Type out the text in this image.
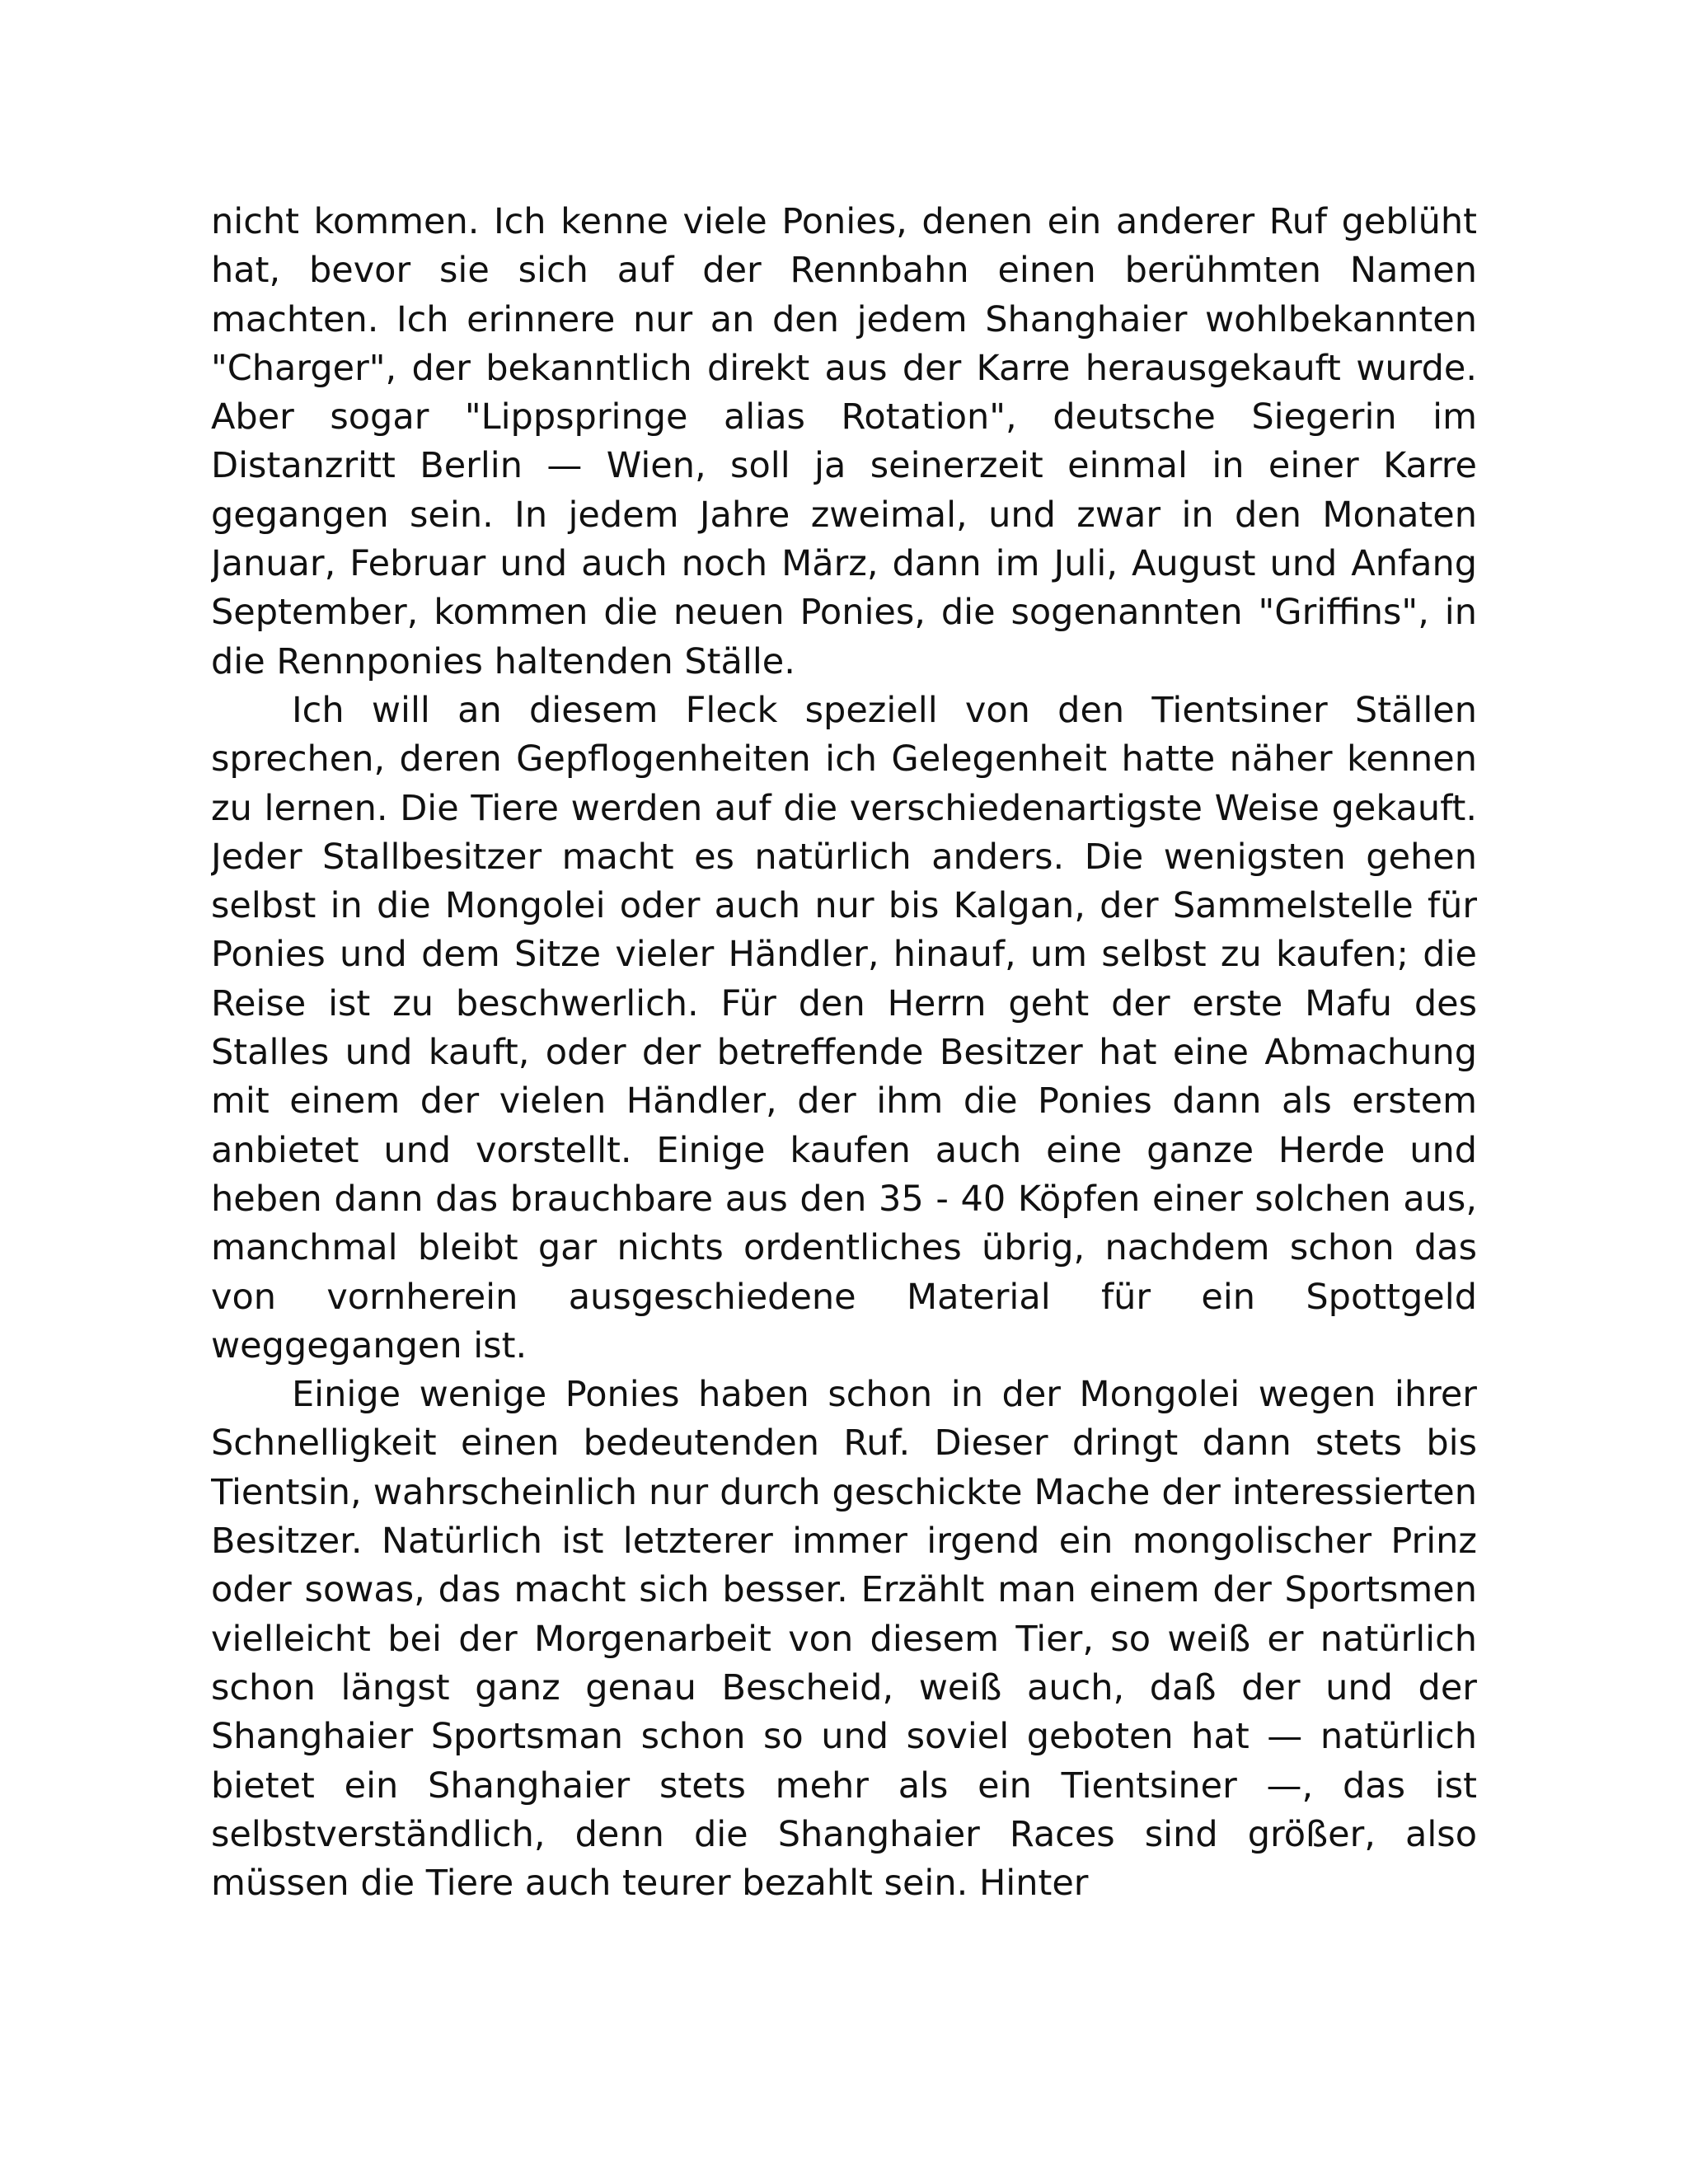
nicht kommen. Ich kenne viele Ponies, denen ein anderer Ruf geblüht hat, bevor sie sich auf der Rennbahn einen berühmten Namen machten. Ich erinnere nur an den jedem Shanghaier wohlbekannten "Charger", der bekanntlich direkt aus der Karre herausgekauft wurde. Aber sogar "Lippspringe alias Rotation", deutsche Siegerin im Distanzritt Berlin — Wien, soll ja seinerzeit einmal in einer Karre gegangen sein. In jedem Jahre zweimal, und zwar in den Monaten Januar, Februar und auch noch März, dann im Juli, August und Anfang September, kommen die neuen Ponies, die sogenannten "Griffins", in die Rennponies haltenden Ställe.

Ich will an diesem Fleck speziell von den Tientsiner Ställen sprechen, deren Gepflogenheiten ich Gelegenheit hatte näher kennen zu lernen. Die Tiere werden auf die verschiedenartigste Weise gekauft. Jeder Stallbesitzer macht es natürlich anders. Die wenigsten gehen selbst in die Mongolei oder auch nur bis Kalgan, der Sammelstelle für Ponies und dem Sitze vieler Händler, hinauf, um selbst zu kaufen; die Reise ist zu beschwerlich. Für den Herrn geht der erste Mafu des Stalles und kauft, oder der betreffende Besitzer hat eine Abmachung mit einem der vielen Händler, der ihm die Ponies dann als erstem anbietet und vorstellt. Einige kaufen auch eine ganze Herde und heben dann das brauchbare aus den 35 - 40 Köpfen einer solchen aus, manchmal bleibt gar nichts ordentliches übrig, nachdem schon das von vornherein ausgeschiedene Material für ein Spottgeld weggegangen ist.

Einige wenige Ponies haben schon in der Mongolei wegen ihrer Schnelligkeit einen bedeutenden Ruf. Dieser dringt dann stets bis Tientsin, wahrscheinlich nur durch geschickte Mache der interessierten Besitzer. Natürlich ist letzterer immer irgend ein mongolischer Prinz oder sowas, das macht sich besser. Erzählt man einem der Sportsmen vielleicht bei der Morgenarbeit von diesem Tier, so weiß er natürlich schon längst ganz genau Bescheid, weiß auch, daß der und der Shanghaier Sportsman schon so und soviel geboten hat — natürlich bietet ein Shanghaier stets mehr als ein Tientsiner —, das ist selbstverständlich, denn die Shanghaier Races sind größer, also müssen die Tiere auch teurer bezahlt sein. Hinter
